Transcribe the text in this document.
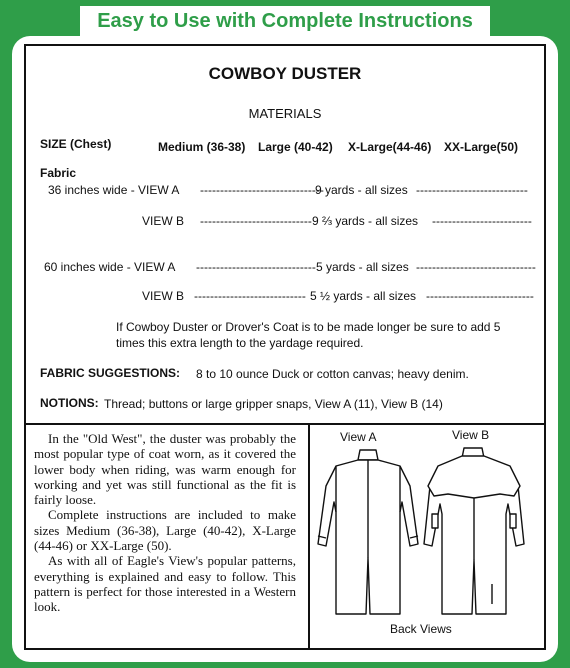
Easy to Use with Complete Instructions
COWBOY DUSTER
MATERIALS
SIZE (Chest)	Medium (36-38) Large (40-42) X-Large(44-46) XX-Large(50)
Fabric
36 inches wide - VIEW A -------------------------------
9 yards - all sizes ----------------------------
VIEW B ---------------------------- 9 ⅔ yards - all sizes -------------------------
60 inches wide - VIEW A ------------------------------ 5 yards - all sizes ------------------------------
VIEW B ---------------------------- 5 ½ yards - all sizes ---------------------------
If Cowboy Duster or Drover's Coat is to be made longer be sure to add 5
times this extra length to the yardage required.
FABRIC SUGGESTIONS: 8 to 10 ounce Duck or cotton canvas; heavy denim.
NOTIONS: Thread; buttons or large gripper snaps, View A (11), View B (14)

In the "Old West", the duster was probably the most popular type of coat worn, as it covered the lower body when riding, was warm enough for working and yet was still functional as the fit is fairly loose.

Complete instructions are included to make sizes Medium (36-38), Large (40-42), X-Large (44-46) or XX-Large (50).

As with all of Eagle's View's popular patterns, everything is explained and easy to follow. This pattern is perfect for those interested in a Western look.

View A	View B
Back Views
